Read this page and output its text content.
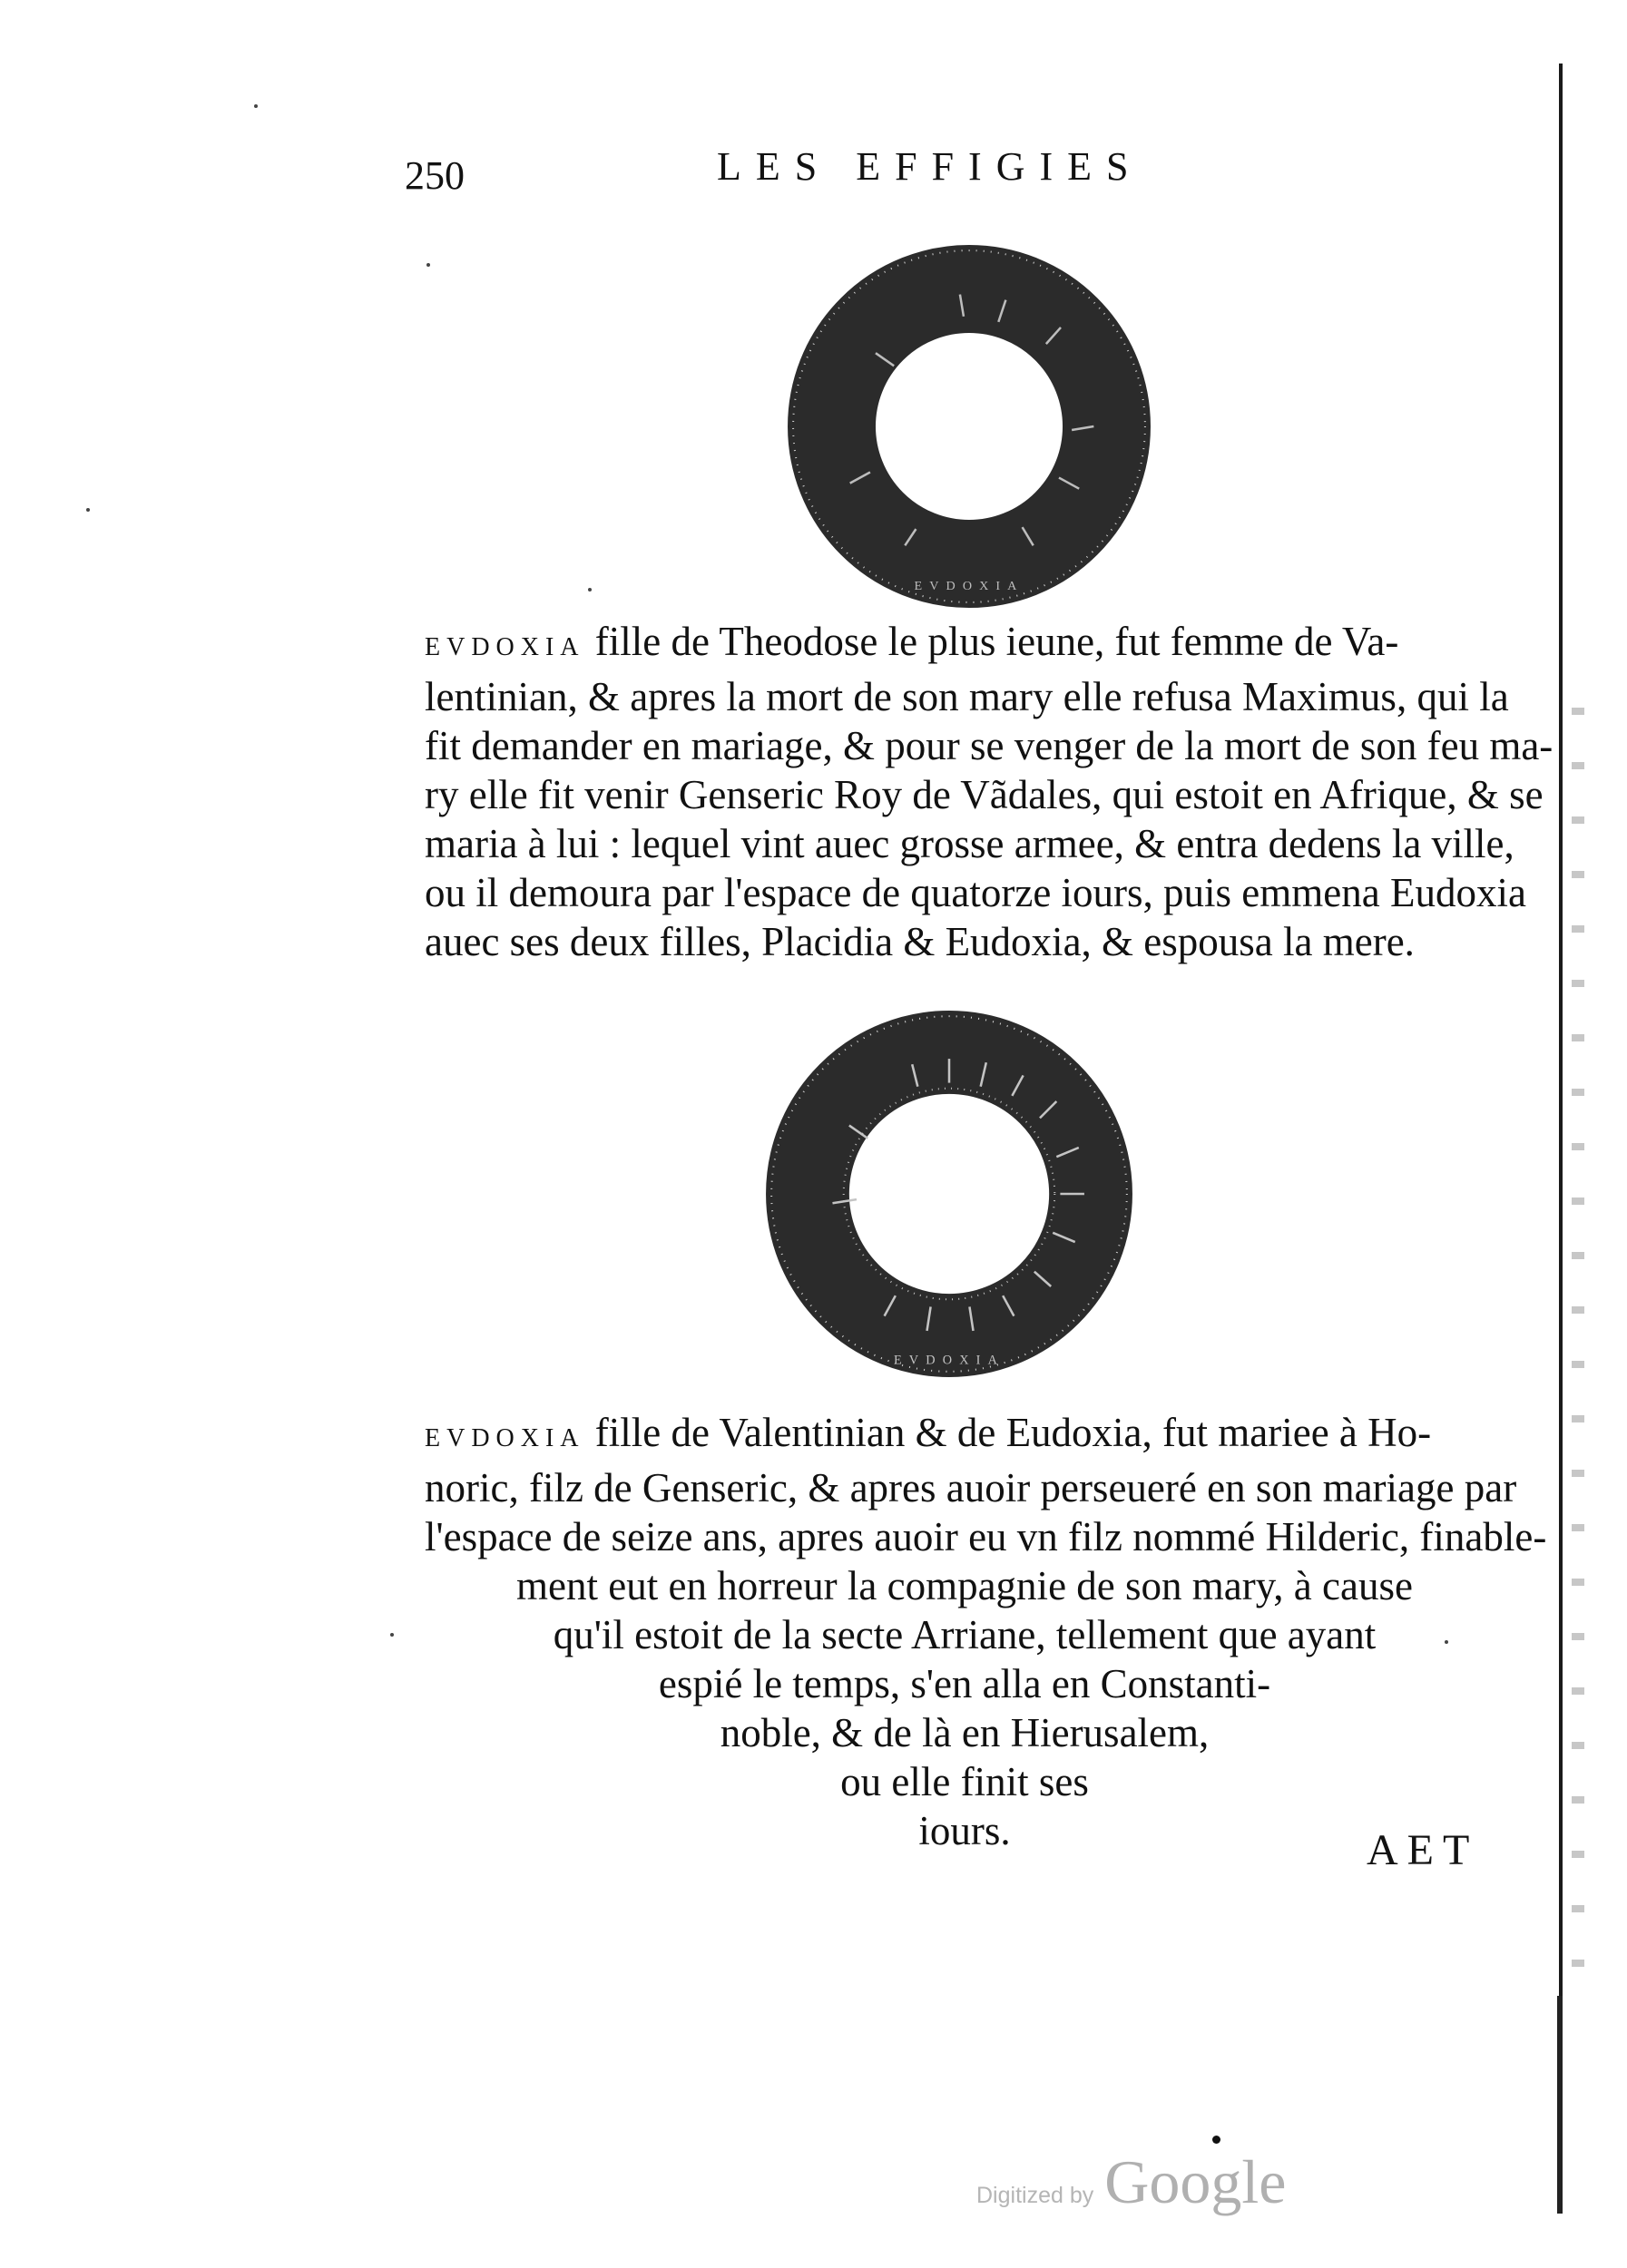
250	LES EFFIGIES
EVDOXIA

EVDOXIA fille de Theodose le plus ieune, fut femme de Va-
lentinian, & apres la mort de son mary elle refusa Maximus, qui la
fit demander en mariage, & pour se venger de la mort de son feu ma-
ry elle fit venir Genseric Roy de Vãdales, qui estoit en Afrique, & se
maria à lui : lequel vint auec grosse armee, & entra dedens la ville,
ou il demoura par l'espace de quatorze iours, puis emmena Eudoxia
auec ses deux filles, Placidia & Eudoxia, & espousa la mere.

EVDOXIA

EVDOXIA fille de Valentinian & de Eudoxia, fut mariee à Ho-
noric, filz de Genseric, & apres auoir perseueré en son mariage par
l'espace de seize ans, apres auoir eu vn filz nommé Hilderic, finable-
ment eut en horreur la compagnie de son mary, à cause
qu'il estoit de la secte Arriane, tellement que ayant
espié le temps, s'en alla en Constanti-
noble, & de là en Hierusalem,
ou elle finit ses
iours.	AET
Digitized by Google
